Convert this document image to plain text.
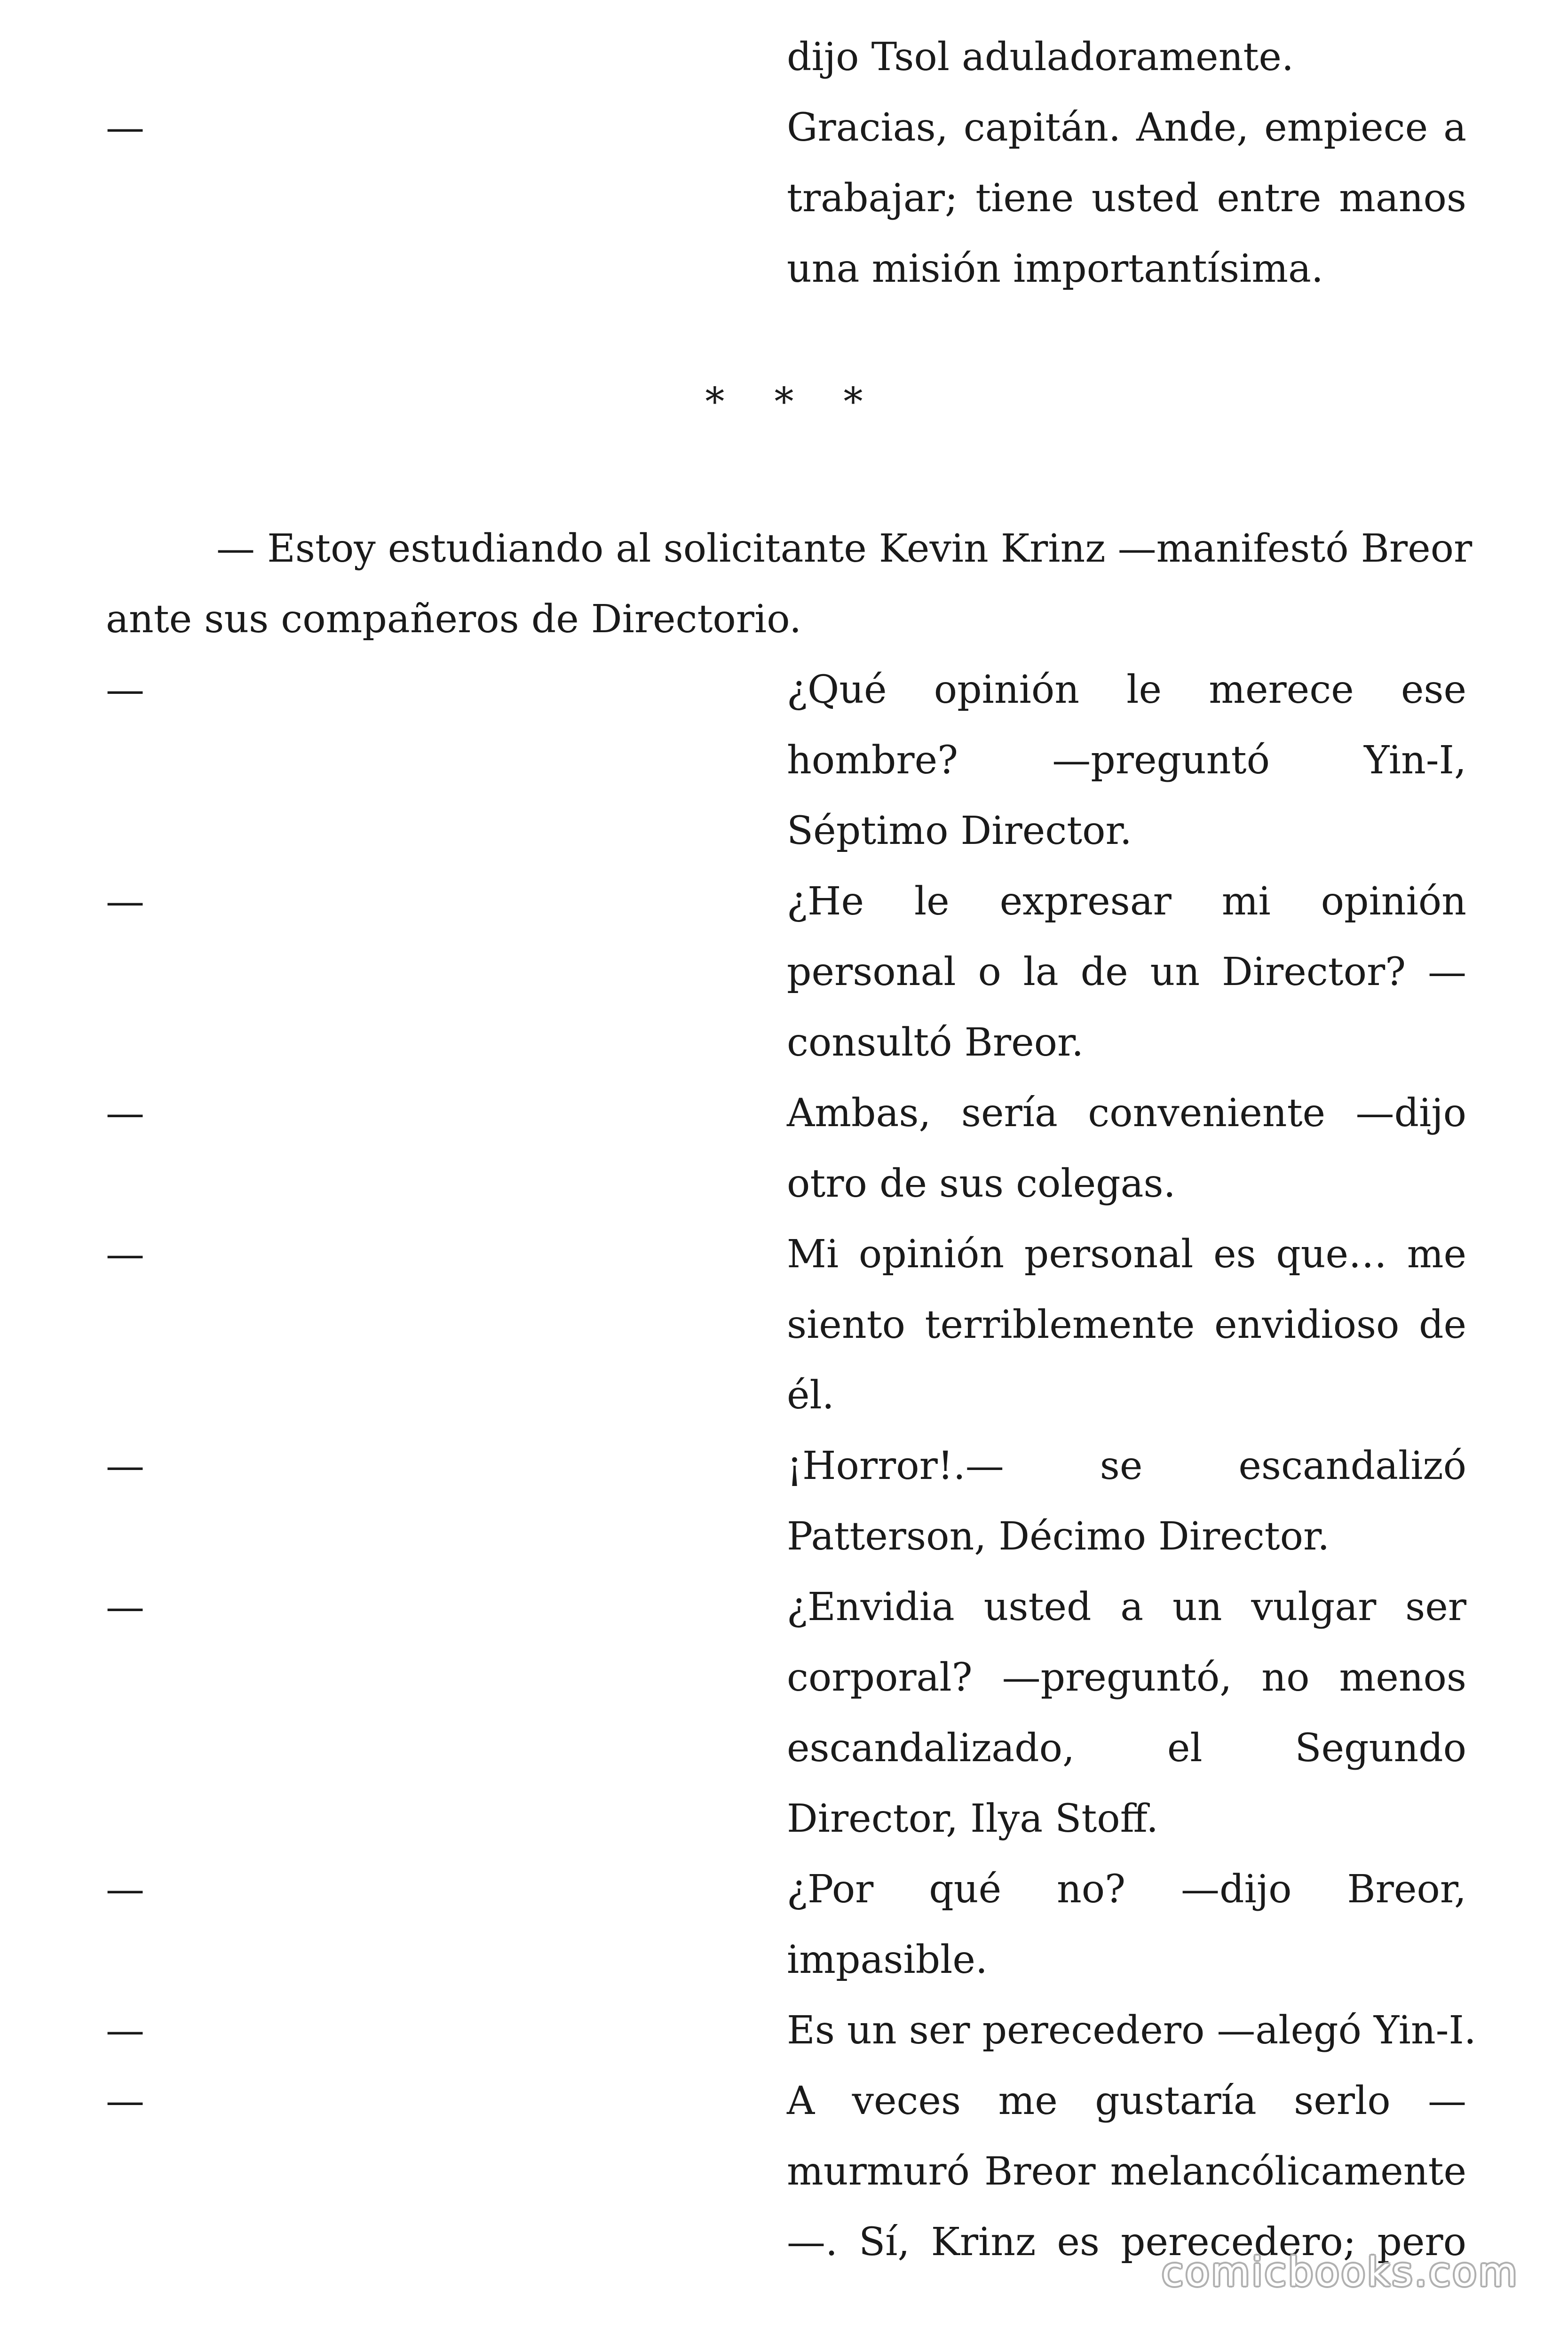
dijo Tsol aduladoramente.
—	Gracias, capitán. Ande, empiece a
trabajar; tiene usted entre manos
una misión importantísima.
* * *
— Estoy estudiando al solicitante Kevin Krinz —manifestó Breor
ante sus compañeros de Directorio.
—	¿Qué opinión le merece ese
hombre? —preguntó Yin-I,
Séptimo Director.
—	¿He le expresar mi opinión
personal o la de un Director? —
consultó Breor.
—	Ambas, sería conveniente —dijo
otro de sus colegas.
—	Mi opinión personal es que… me
siento terriblemente envidioso de
él.
—	¡Horror!.— se escandalizó
Patterson, Décimo Director.
—	¿Envidia usted a un vulgar ser
corporal? —preguntó, no menos
escandalizado, el Segundo
Director, Ilya Stoff.
—	¿Por qué no? —dijo Breor,
impasible.
—	Es un ser perecedero —alegó Yin-I.
—	A veces me gustaría serlo —
murmuró Breor melancólicamente
—. Sí, Krinz es perecedero; pero
comicbooks.com
